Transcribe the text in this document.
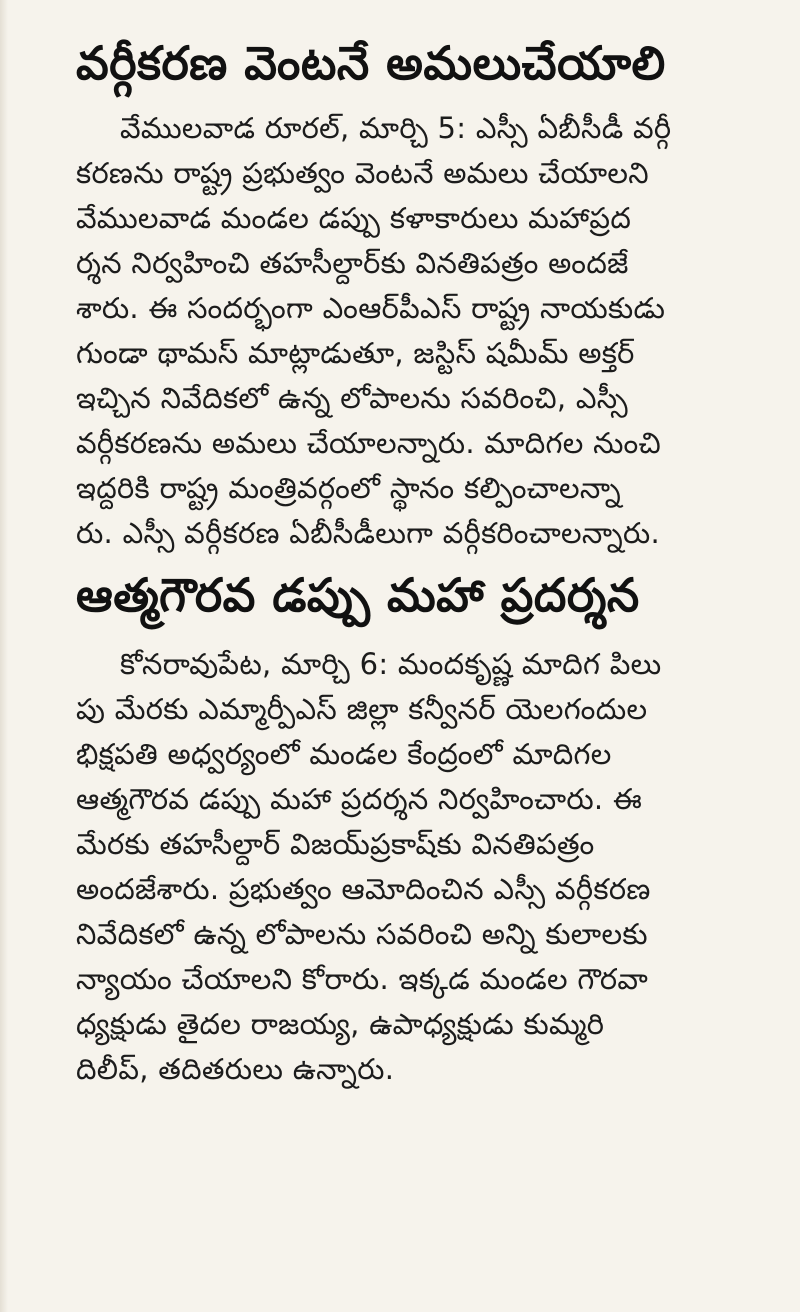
వర్గీకరణ వెంటనే అమలుచేయాలి
వేములవాడ రూరల్, మార్చి 5: ఎస్సీ ఏబీసీడీ వర్గీ
కరణను రాష్ట్ర ప్రభుత్వం వెంటనే అమలు చేయాలని
వేములవాడ మండల డప్పు కళాకారులు మహాప్రద
ర్శన నిర్వహించి తహసీల్దార్‌కు వినతిపత్రం అందజే
శారు. ఈ సందర్భంగా ఎంఆర్‌పీఎస్ రాష్ట్ర నాయకుడు
గుండా థామస్ మాట్లాడుతూ, జస్టిస్ షమీమ్ అక్తర్
ఇచ్చిన నివేదికలో ఉన్న లోపాలను సవరించి, ఎస్సీ
వర్గీకరణను అమలు చేయాలన్నారు. మాదిగల నుంచి
ఇద్దరికి రాష్ట్ర మంత్రివర్గంలో స్థానం కల్పించాలన్నా
రు. ఎస్సీ వర్గీకరణ ఏబీసీడీలుగా వర్గీకరించాలన్నారు.
ఆత్మగౌరవ డప్పు మహా ప్రదర్శన
కోనరావుపేట, మార్చి 6: మందకృష్ణ మాదిగ పిలు
పు మేరకు ఎమ్మార్పీఎస్ జిల్లా కన్వీనర్ యెలగందుల
భిక్షపతి అధ్వర్యంలో మండల కేంద్రంలో మాదిగల
ఆత్మగౌరవ డప్పు మహా ప్రదర్శన నిర్వహించారు. ఈ
మేరకు తహసీల్దార్ విజయ్‌ప్రకాష్‌కు వినతిపత్రం
అందజేశారు. ప్రభుత్వం ఆమోదించిన ఎస్సీ వర్గీకరణ
నివేదికలో ఉన్న లోపాలను సవరించి అన్ని కులాలకు
న్యాయం చేయాలని కోరారు. ఇక్కడ మండల గౌరవా
ధ్యక్షుడు తైదల రాజయ్య, ఉపాధ్యక్షుడు కుమ్మరి
దిలీప్, తదితరులు ఉన్నారు.
